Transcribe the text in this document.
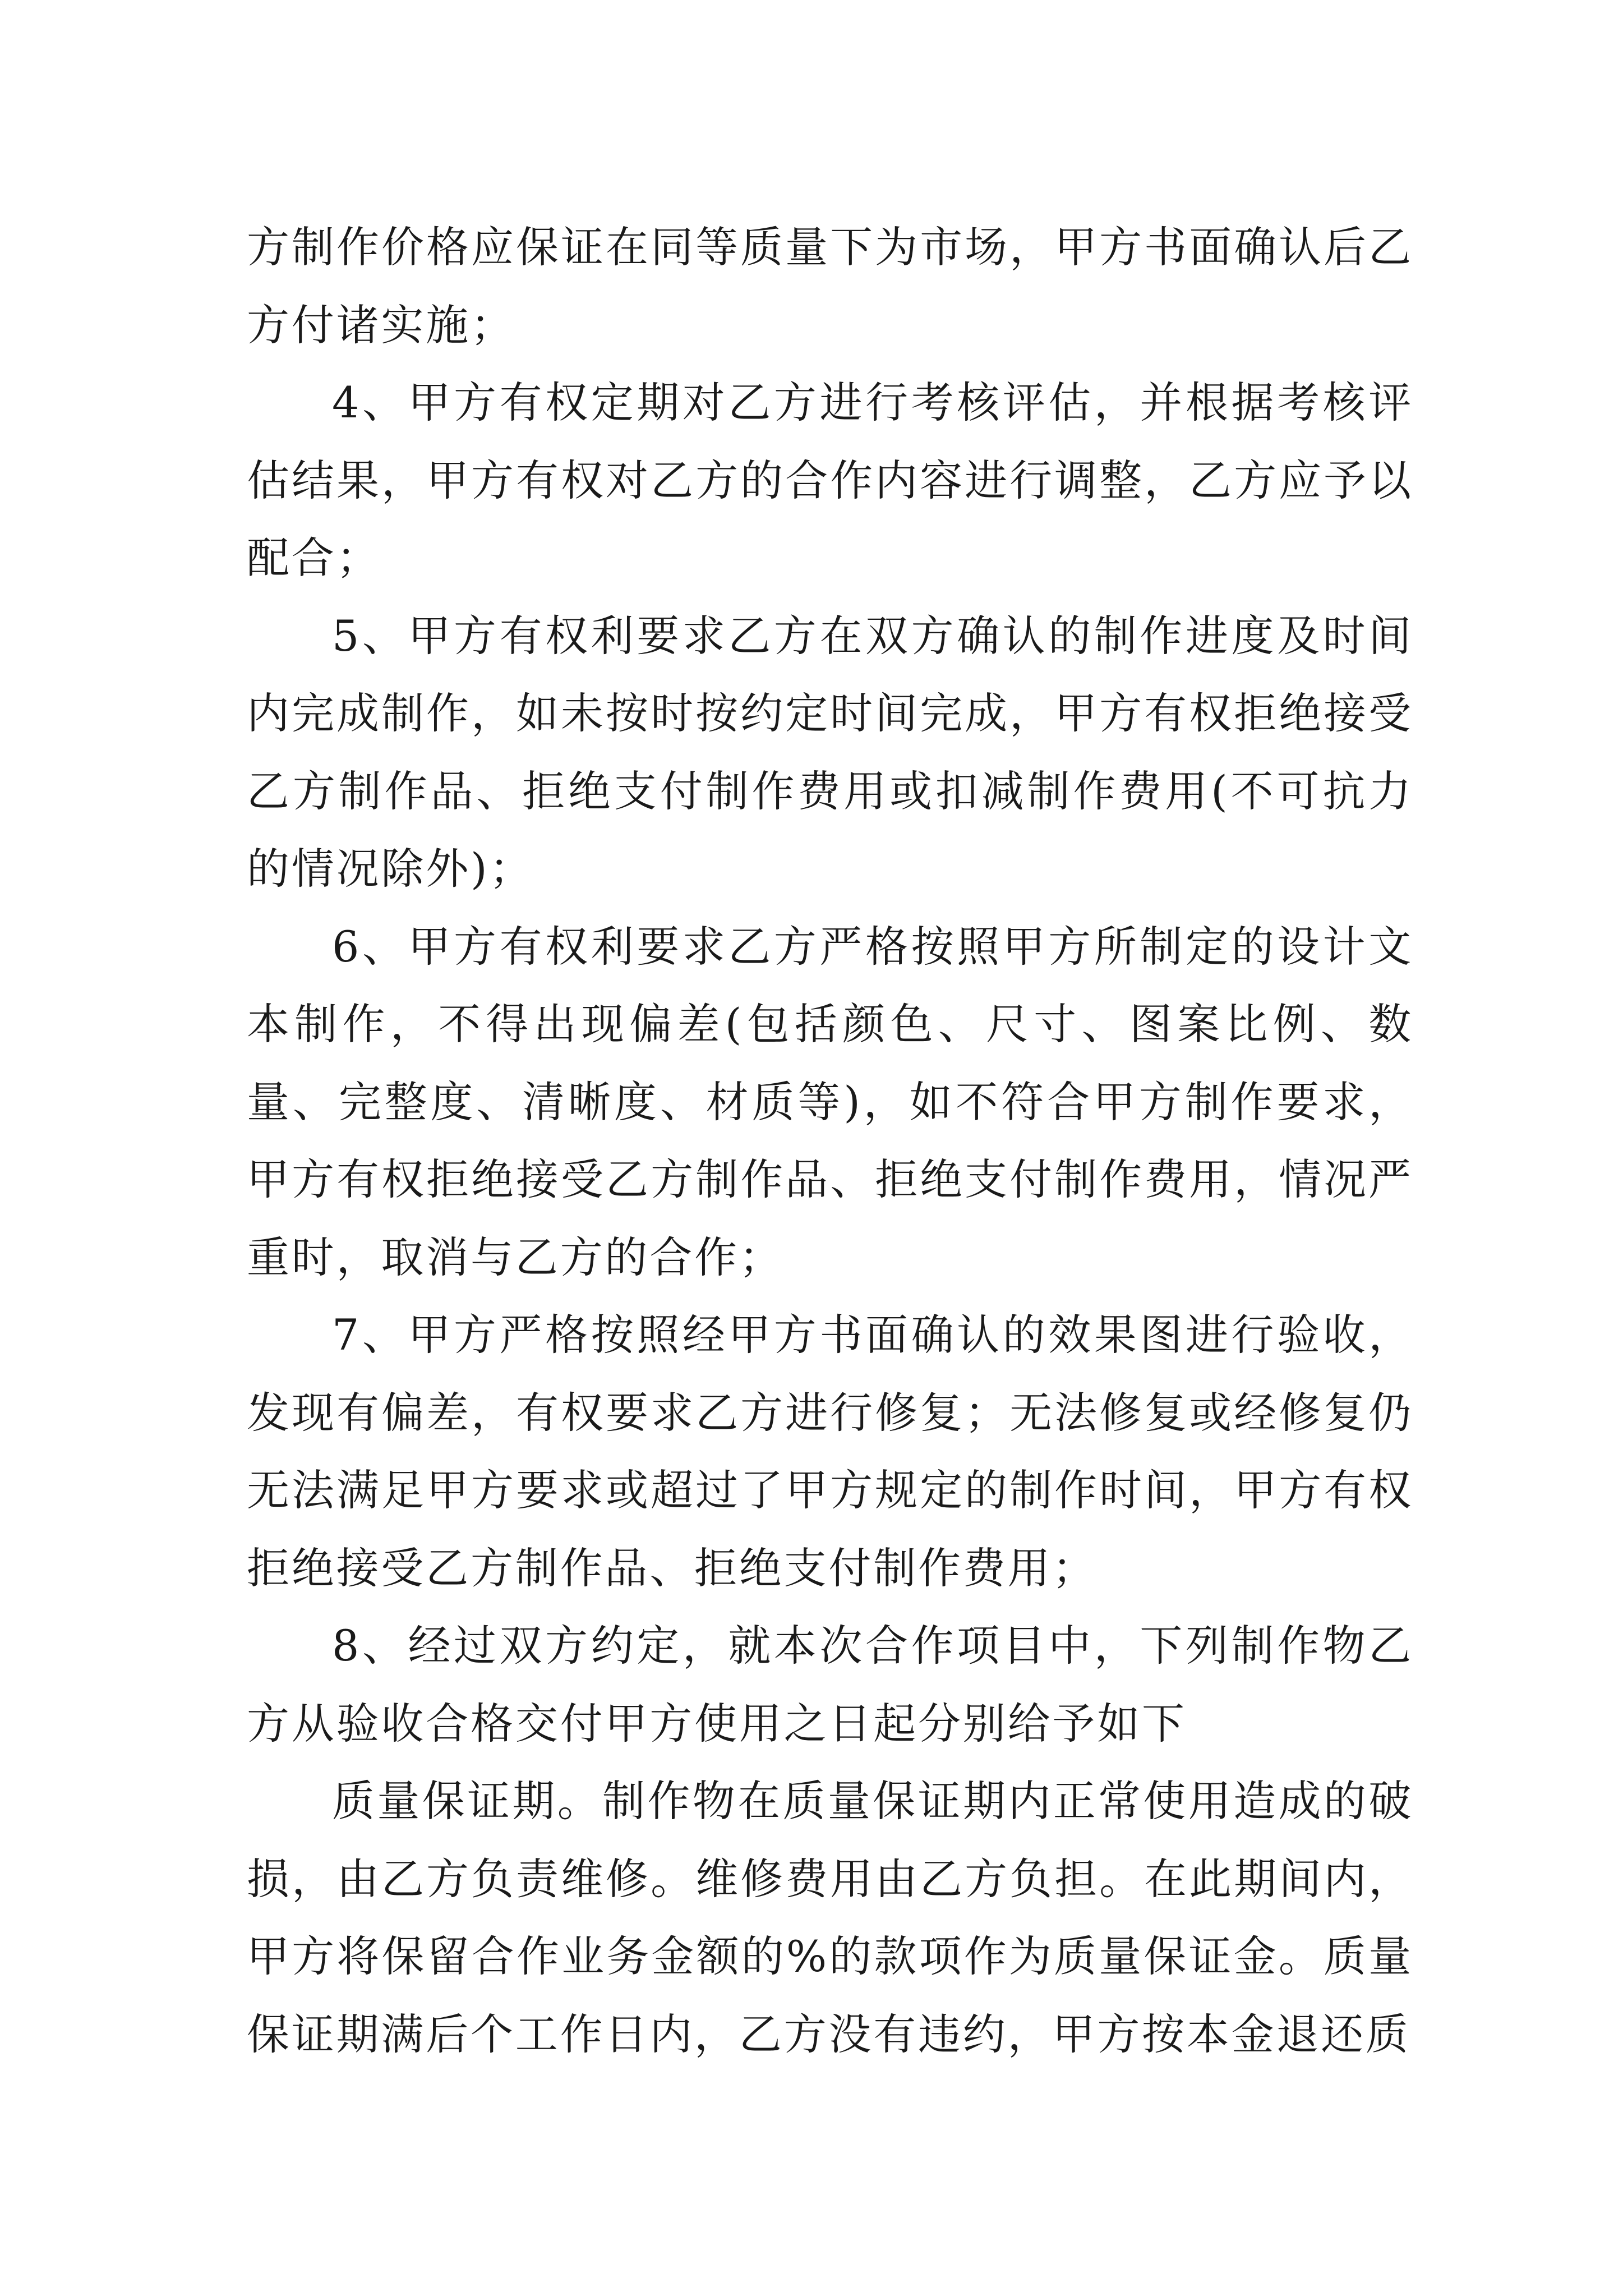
方制作价格应保证在同等质量下为市场，甲方书面确认后乙方付诸实施；

4、甲方有权定期对乙方进行考核评估，并根据考核评估结果，甲方有权对乙方的合作内容进行调整，乙方应予以配合；

5、甲方有权利要求乙方在双方确认的制作进度及时间内完成制作，如未按时按约定时间完成，甲方有权拒绝接受乙方制作品、拒绝支付制作费用或扣减制作费用(不可抗力的情况除外)；

6、甲方有权利要求乙方严格按照甲方所制定的设计文本制作，不得出现偏差(包括颜色、尺寸、图案比例、数量、完整度、清晰度、材质等)，如不符合甲方制作要求，甲方有权拒绝接受乙方制作品、拒绝支付制作费用，情况严重时，取消与乙方的合作；

7、甲方严格按照经甲方书面确认的效果图进行验收，发现有偏差，有权要求乙方进行修复；无法修复或经修复仍无法满足甲方要求或超过了甲方规定的制作时间，甲方有权拒绝接受乙方制作品、拒绝支付制作费用；

8、经过双方约定，就本次合作项目中，下列制作物乙方从验收合格交付甲方使用之日起分别给予如下

质量保证期。制作物在质量保证期内正常使用造成的破损，由乙方负责维修。维修费用由乙方负担。在此期间内，甲方将保留合作业务金额的%的款项作为质量保证金。质量保证期满后个工作日内，乙方没有违约，甲方按本金退还质
